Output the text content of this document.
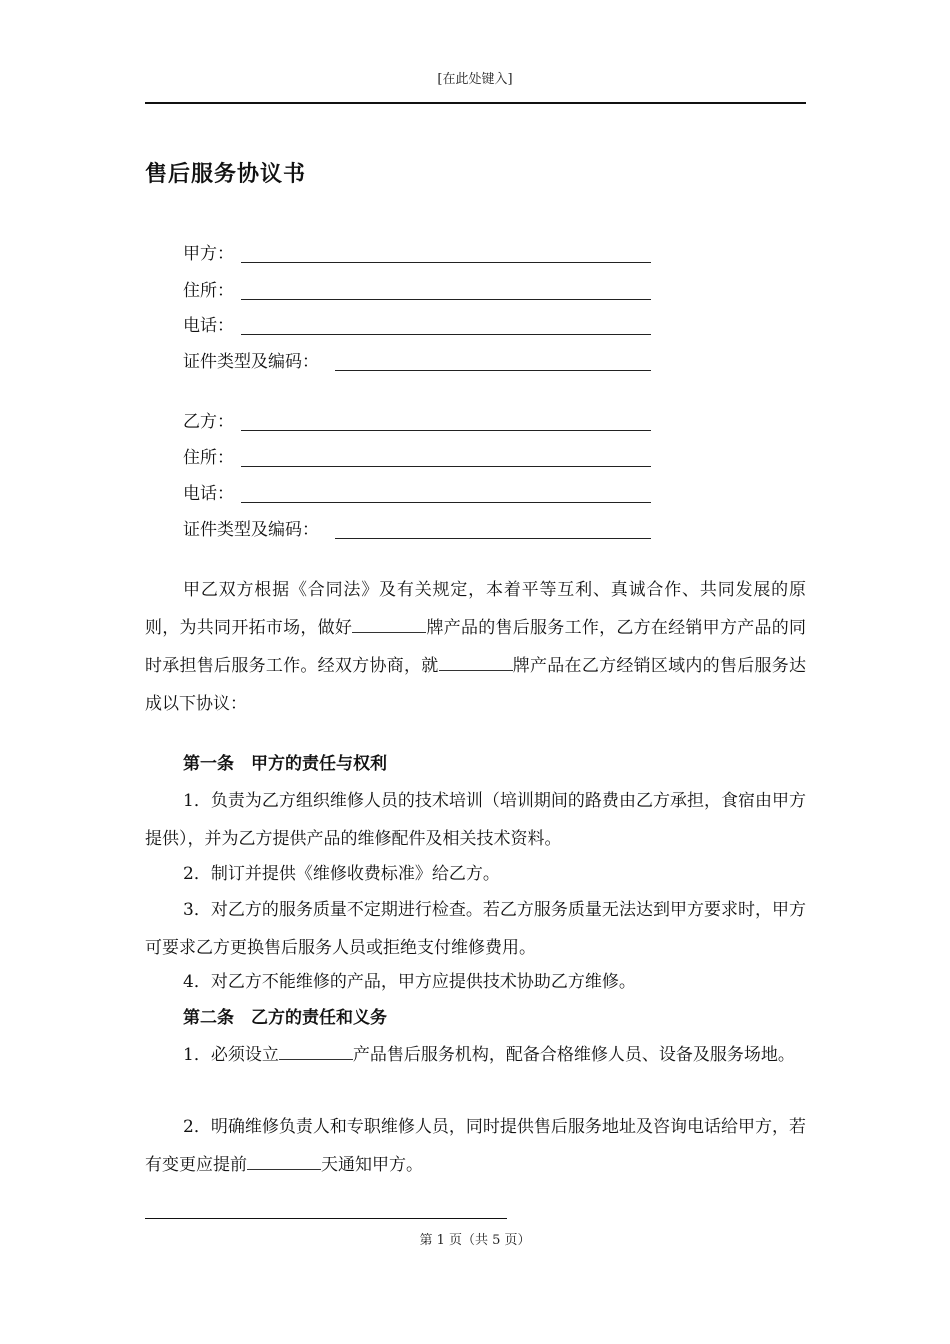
[在此处键入]
售后服务协议书
甲方：
住所：
电话：
证件类型及编码：
乙方：
住所：
电话：
证件类型及编码：
甲乙双方根据《合同法》及有关规定，本着平等互利、真诚合作、共同发展的原则，为共同开拓市场，做好	牌产品的售后服务工作，乙方在经销甲方产品的同时承担售后服务工作。经双方协商，就	牌产品在乙方经销区域内的售后服务达成以下协议：
第一条　甲方的责任与权利
1．负责为乙方组织维修人员的技术培训（培训期间的路费由乙方承担，食宿由甲方提供），并为乙方提供产品的维修配件及相关技术资料。
2．制订并提供《维修收费标准》给乙方。
3．对乙方的服务质量不定期进行检查。若乙方服务质量无法达到甲方要求时，甲方可要求乙方更换售后服务人员或拒绝支付维修费用。
4．对乙方不能维修的产品，甲方应提供技术协助乙方维修。
第二条　乙方的责任和义务
1．必须设立	产品售后服务机构，配备合格维修人员、设备及服务场地。
2．明确维修负责人和专职维修人员，同时提供售后服务地址及咨询电话给甲方，若有变更应提前	天通知甲方。
第 1 页（共 5 页）
